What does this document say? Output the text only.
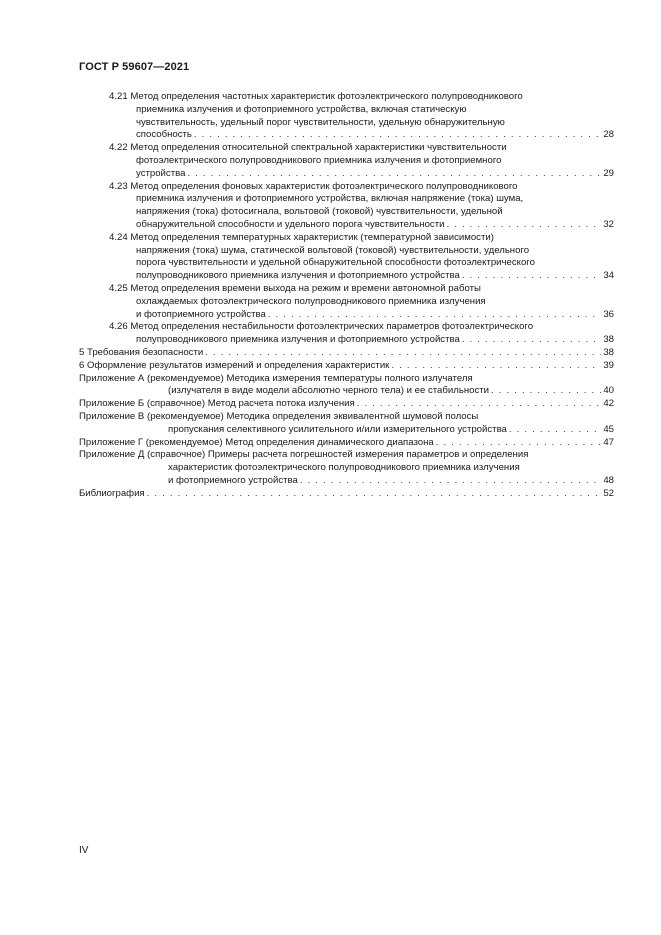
ГОСТ Р 59607—2021
4.21 Метод определения частотных характеристик фотоэлектрического полупроводникового
приемника излучения и фотоприемного устройства, включая статическую
чувствительность, удельный порог чувствительности, удельную обнаружительную
способность . . .	28
4.22 Метод определения относительной спектральной характеристики чувствительности
фотоэлектрического полупроводникового приемника излучения и фотоприемного
устройства . . .	29
4.23 Метод определения фоновых характеристик фотоэлектрического полупроводникового
приемника излучения и фотоприемного устройства, включая напряжение (тока) шума,
напряжения (тока) фотосигнала, вольтовой (токовой) чувствительности, удельной
обнаружительной способности и удельного порога чувствительности . . .	32
4.24 Метод определения температурных характеристик (температурной зависимости)
напряжения (тока) шума, статической вольтовой (токовой) чувствительности, удельного
порога чувствительности и удельной обнаружительной способности фотоэлектрического
полупроводникового приемника излучения и фотоприемного устройства . . .	34
4.25 Метод определения времени выхода на режим и времени автономной работы
охлаждаемых фотоэлектрического полупроводникового приемника излучения
и фотоприемного устройства . . .	36
4.26 Метод определения нестабильности фотоэлектрических параметров фотоэлектрического
полупроводникового приемника излучения и фотоприемного устройства . . .	38
5 Требования безопасности . . .	38
6 Оформление результатов измерений и определения характеристик . . .	39
Приложение А (рекомендуемое) Методика измерения температуры полного излучателя
(излучателя в виде модели абсолютно черного тела) и ее стабильности . . .	40
Приложение Б (справочное) Метод расчета потока излучения . . .	42
Приложение В (рекомендуемое) Методика определения эквивалентной шумовой полосы
пропускания селективного усилительного и/или измерительного устройства . . .	45
Приложение Г (рекомендуемое) Метод определения динамического диапазона . . .	47
Приложение Д (справочное) Примеры расчета погрешностей измерения параметров и определения
характеристик фотоэлектрического полупроводникового приемника излучения
и фотоприемного устройства . . .	48
Библиография . . .	52
IV
